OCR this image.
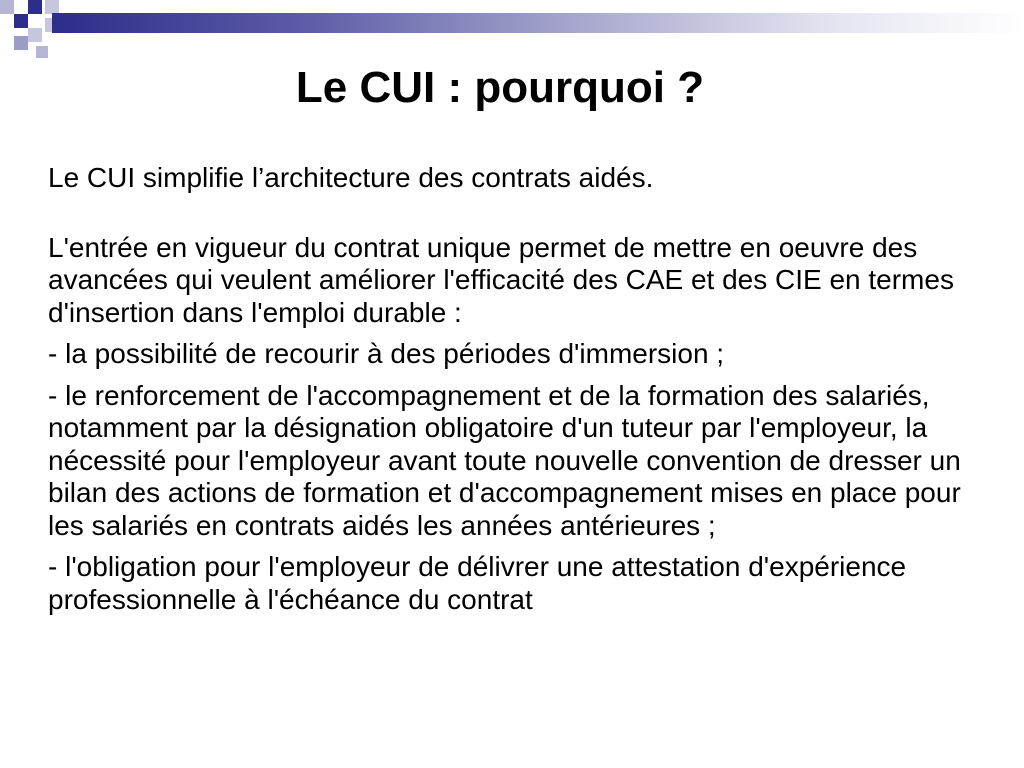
Le CUI : pourquoi ?

Le CUI simplifie l’architecture des contrats aidés.

L'entrée en vigueur du contrat unique permet de mettre en oeuvre des avancées qui veulent améliorer l'efficacité des CAE et des CIE en termes d'insertion dans l'emploi durable :

- la possibilité de recourir à des périodes d'immersion ;

- le renforcement de l'accompagnement et de la formation des salariés, notamment par la désignation obligatoire d'un tuteur par l'employeur, la nécessité pour l'employeur avant toute nouvelle convention de dresser un bilan des actions de formation et d'accompagnement mises en place pour les salariés en contrats aidés les années antérieures ;

- l'obligation pour l'employeur de délivrer une attestation d'expérience professionnelle à l'échéance du contrat
